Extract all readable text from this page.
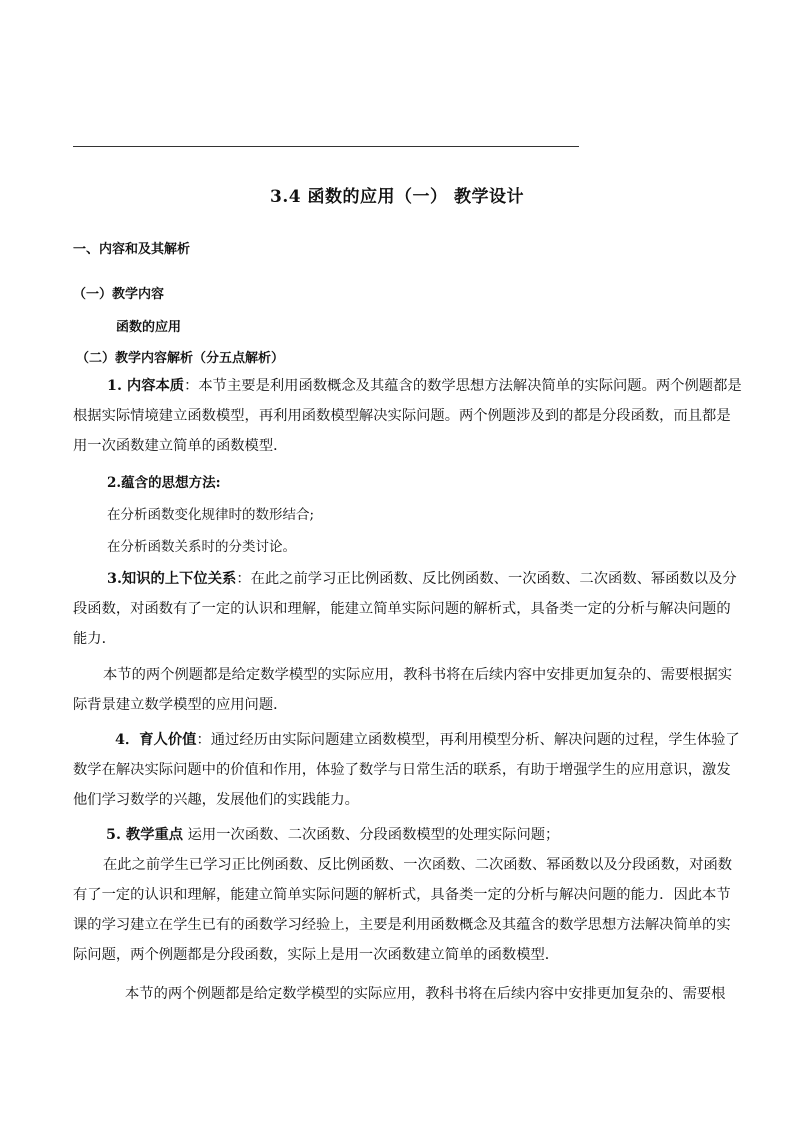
3.4 函数的应用（一） 教学设计
一、内容和及其解析
（一）教学内容
函数的应用
（二）教学内容解析（分五点解析）
1. 内容本质：本节主要是利用函数概念及其蕴含的数学思想方法解决简单的实际问题。两个例题都是
根据实际情境建立函数模型，再利用函数模型解决实际问题。两个例题涉及到的都是分段函数，而且都是
用一次函数建立简单的函数模型．
2.蕴含的思想方法:
在分析函数变化规律时的数形结合;
在分析函数关系时的分类讨论。
3.知识的上下位关系：在此之前学习正比例函数、反比例函数、一次函数、二次函数、幂函数以及分
段函数，对函数有了一定的认识和理解，能建立简单实际问题的解析式，具备类一定的分析与解决问题的
能力．
本节的两个例题都是给定数学模型的实际应用，教科书将在后续内容中安排更加复杂的、需要根据实
际背景建立数学模型的应用问题．
4．育人价值：通过经历由实际问题建立函数模型，再利用模型分析、解决问题的过程，学生体验了
数学在解决实际问题中的价值和作用，体验了数学与日常生活的联系，有助于增强学生的应用意识，激发
他们学习数学的兴趣，发展他们的实践能力。
5. 教学重点 运用一次函数、二次函数、分段函数模型的处理实际问题；
在此之前学生已学习正比例函数、反比例函数、一次函数、二次函数、幂函数以及分段函数，对函数
有了一定的认识和理解，能建立简单实际问题的解析式，具备类一定的分析与解决问题的能力．因此本节
课的学习建立在学生已有的函数学习经验上，主要是利用函数概念及其蕴含的数学思想方法解决简单的实
际问题，两个例题都是分段函数，实际上是用一次函数建立简单的函数模型．
本节的两个例题都是给定数学模型的实际应用，教科书将在后续内容中安排更加复杂的、需要根
